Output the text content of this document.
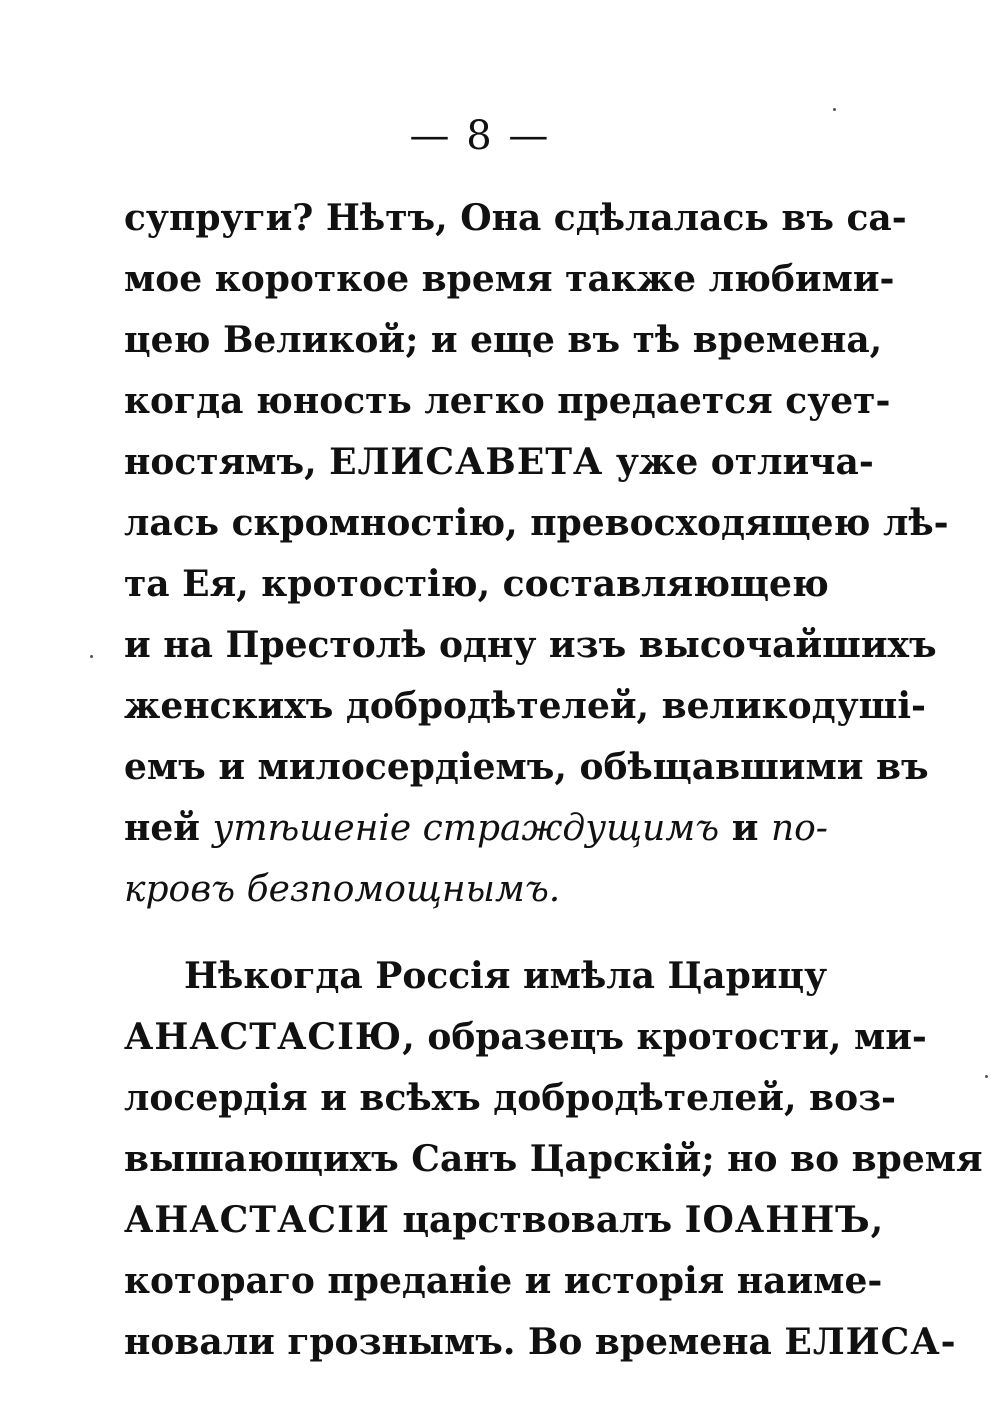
— 8 —
супруги? Нѣтъ, Она сдѣлалась въ са-
мое короткое время также любими-
цею Великой; и еще въ тѣ времена,
когда юность легко предается сует-
ностямъ, ЕЛИСАВЕТА уже отлича-
лась скромностію, превосходящею лѣ-
та Ея, кротостію, составляющею
и на Престолѣ одну изъ высочайшихъ
женскихъ добродѣтелей, великодуші-
емъ и милосердіемъ, обѣщавшими въ
ней утѣшеніе страждущимъ и по-
кровъ безпомощнымъ.
Нѣкогда Россія имѣла Царицу
АНАСТАСІЮ, образецъ кротости, ми-
лосердія и всѣхъ добродѣтелей, воз-
вышающихъ Санъ Царскій; но во время
АНАСТАСІИ царствовалъ ІОАННЪ,
котораго преданіе и исторія наиме-
новали грознымъ. Во времена ЕЛИСА-
